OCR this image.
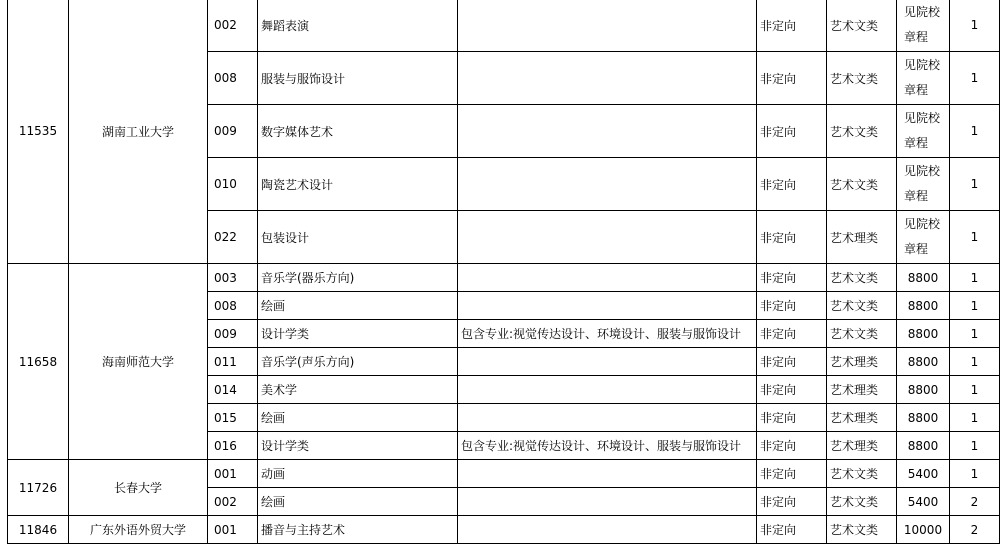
11535	湖南工业大学	002	舞蹈表演		非定向	艺术文类	见院校
章程	1
		008	服装与服饰设计		非定向	艺术文类	见院校
章程	1
		009	数字媒体艺术		非定向	艺术文类	见院校
章程	1
		010	陶瓷艺术设计		非定向	艺术文类	见院校
章程	1
		022	包装设计		非定向	艺术理类	见院校
章程	1
11658	海南师范大学	003	音乐学(器乐方向)		非定向	艺术文类	8800	1
		008	绘画		非定向	艺术文类	8800	1
		009	设计学类	包含专业:视觉传达设计、环境设计、服装与服饰设计	非定向	艺术文类	8800	1
		011	音乐学(声乐方向)		非定向	艺术理类	8800	1
		014	美术学		非定向	艺术理类	8800	1
		015	绘画		非定向	艺术理类	8800	1
		016	设计学类	包含专业:视觉传达设计、环境设计、服装与服饰设计	非定向	艺术理类	8800	1
11726	长春大学	001	动画		非定向	艺术文类	5400	1
		002	绘画		非定向	艺术文类	5400	2
11846	广东外语外贸大学	001	播音与主持艺术		非定向	艺术文类	10000	2
